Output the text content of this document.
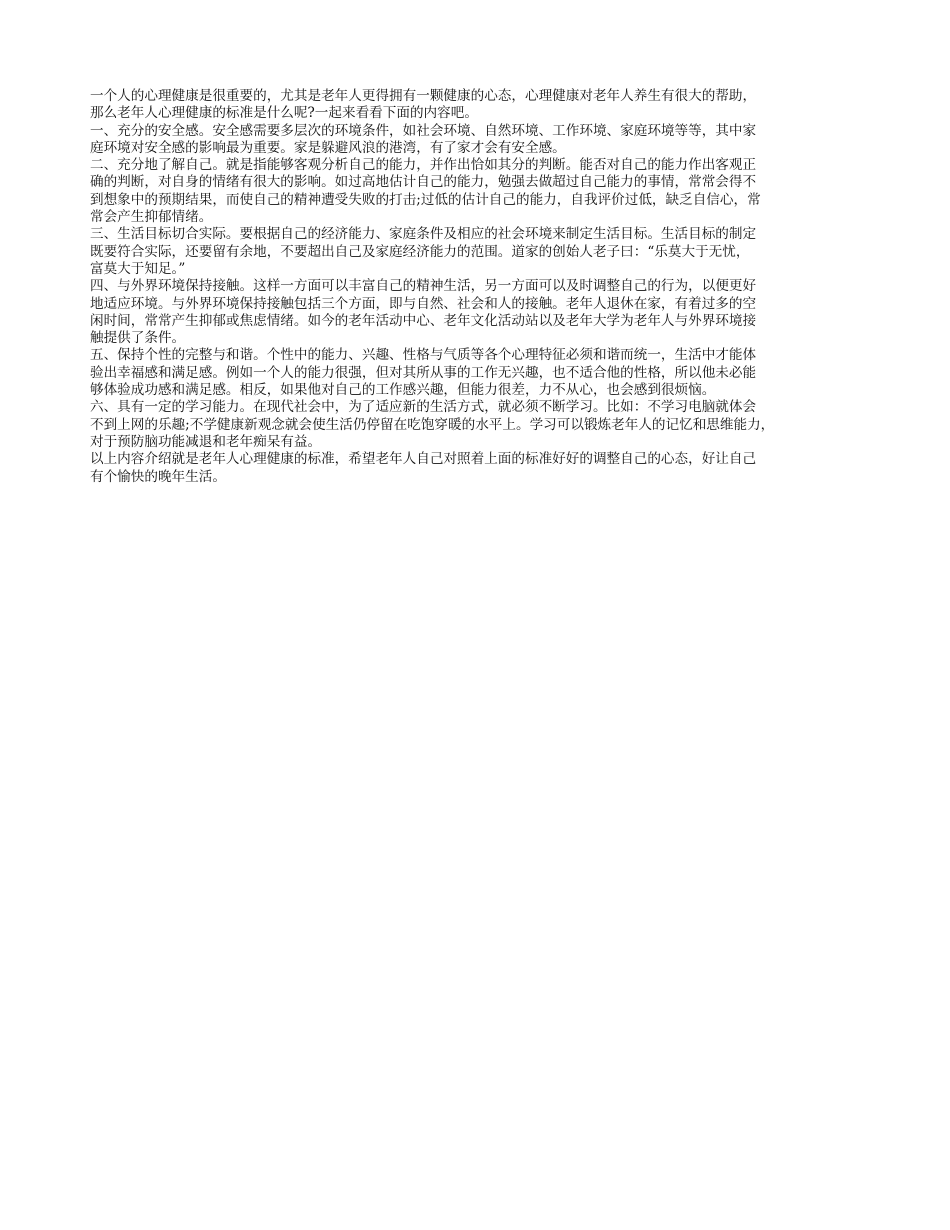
一个人的心理健康是很重要的，尤其是老年人更得拥有一颗健康的心态，心理健康对老年人养生有很大的帮助，
那么老年人心理健康的标准是什么呢?一起来看看下面的内容吧。

一、充分的安全感。安全感需要多层次的环境条件，如社会环境、自然环境、工作环境、家庭环境等等，其中家
庭环境对安全感的影响最为重要。家是躲避风浪的港湾，有了家才会有安全感。

二、充分地了解自己。就是指能够客观分析自己的能力，并作出恰如其分的判断。能否对自己的能力作出客观正
确的判断，对自身的情绪有很大的影响。如过高地估计自己的能力，勉强去做超过自己能力的事情，常常会得不
到想象中的预期结果，而使自己的精神遭受失败的打击;过低的估计自己的能力，自我评价过低，缺乏自信心，常
常会产生抑郁情绪。

三、生活目标切合实际。要根据自己的经济能力、家庭条件及相应的社会环境来制定生活目标。生活目标的制定
既要符合实际，还要留有余地，不要超出自己及家庭经济能力的范围。道家的创始人老子曰：“乐莫大于无忧，
富莫大于知足。”

四、与外界环境保持接触。这样一方面可以丰富自己的精神生活，另一方面可以及时调整自己的行为，以便更好
地适应环境。与外界环境保持接触包括三个方面，即与自然、社会和人的接触。老年人退休在家，有着过多的空
闲时间，常常产生抑郁或焦虑情绪。如今的老年活动中心、老年文化活动站以及老年大学为老年人与外界环境接
触提供了条件。

五、保持个性的完整与和谐。个性中的能力、兴趣、性格与气质等各个心理特征必须和谐而统一，生活中才能体
验出幸福感和满足感。例如一个人的能力很强，但对其所从事的工作无兴趣，也不适合他的性格，所以他未必能
够体验成功感和满足感。相反，如果他对自己的工作感兴趣，但能力很差，力不从心，也会感到很烦恼。

六、具有一定的学习能力。在现代社会中，为了适应新的生活方式，就必须不断学习。比如：不学习电脑就体会
不到上网的乐趣;不学健康新观念就会使生活仍停留在吃饱穿暖的水平上。学习可以锻炼老年人的记忆和思维能力，
对于预防脑功能减退和老年痴呆有益。

以上内容介绍就是老年人心理健康的标准，希望老年人自己对照着上面的标准好好的调整自己的心态，好让自己
有个愉快的晚年生活。
